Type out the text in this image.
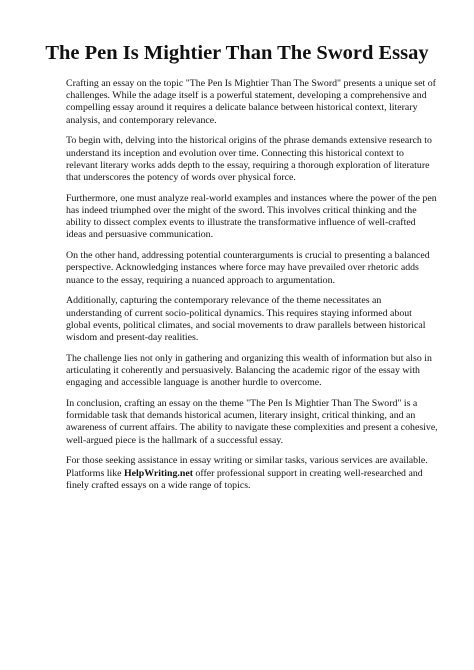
The Pen Is Mightier Than The Sword Essay

Crafting an essay on the topic "The Pen Is Mightier Than The Sword" presents a unique set of challenges. While the adage itself is a powerful statement, developing a comprehensive and compelling essay around it requires a delicate balance between historical context, literary analysis, and contemporary relevance.

To begin with, delving into the historical origins of the phrase demands extensive research to understand its inception and evolution over time. Connecting this historical context to relevant literary works adds depth to the essay, requiring a thorough exploration of literature that underscores the potency of words over physical force.

Furthermore, one must analyze real-world examples and instances where the power of the pen has indeed triumphed over the might of the sword. This involves critical thinking and the ability to dissect complex events to illustrate the transformative influence of well-crafted ideas and persuasive communication.

On the other hand, addressing potential counterarguments is crucial to presenting a balanced perspective. Acknowledging instances where force may have prevailed over rhetoric adds nuance to the essay, requiring a nuanced approach to argumentation.

Additionally, capturing the contemporary relevance of the theme necessitates an understanding of current socio-political dynamics. This requires staying informed about global events, political climates, and social movements to draw parallels between historical wisdom and present-day realities.

The challenge lies not only in gathering and organizing this wealth of information but also in articulating it coherently and persuasively. Balancing the academic rigor of the essay with engaging and accessible language is another hurdle to overcome.

In conclusion, crafting an essay on the theme "The Pen Is Mightier Than The Sword" is a formidable task that demands historical acumen, literary insight, critical thinking, and an awareness of current affairs. The ability to navigate these complexities and present a cohesive, well-argued piece is the hallmark of a successful essay.

For those seeking assistance in essay writing or similar tasks, various services are available. Platforms like HelpWriting.net offer professional support in creating well-researched and finely crafted essays on a wide range of topics.
